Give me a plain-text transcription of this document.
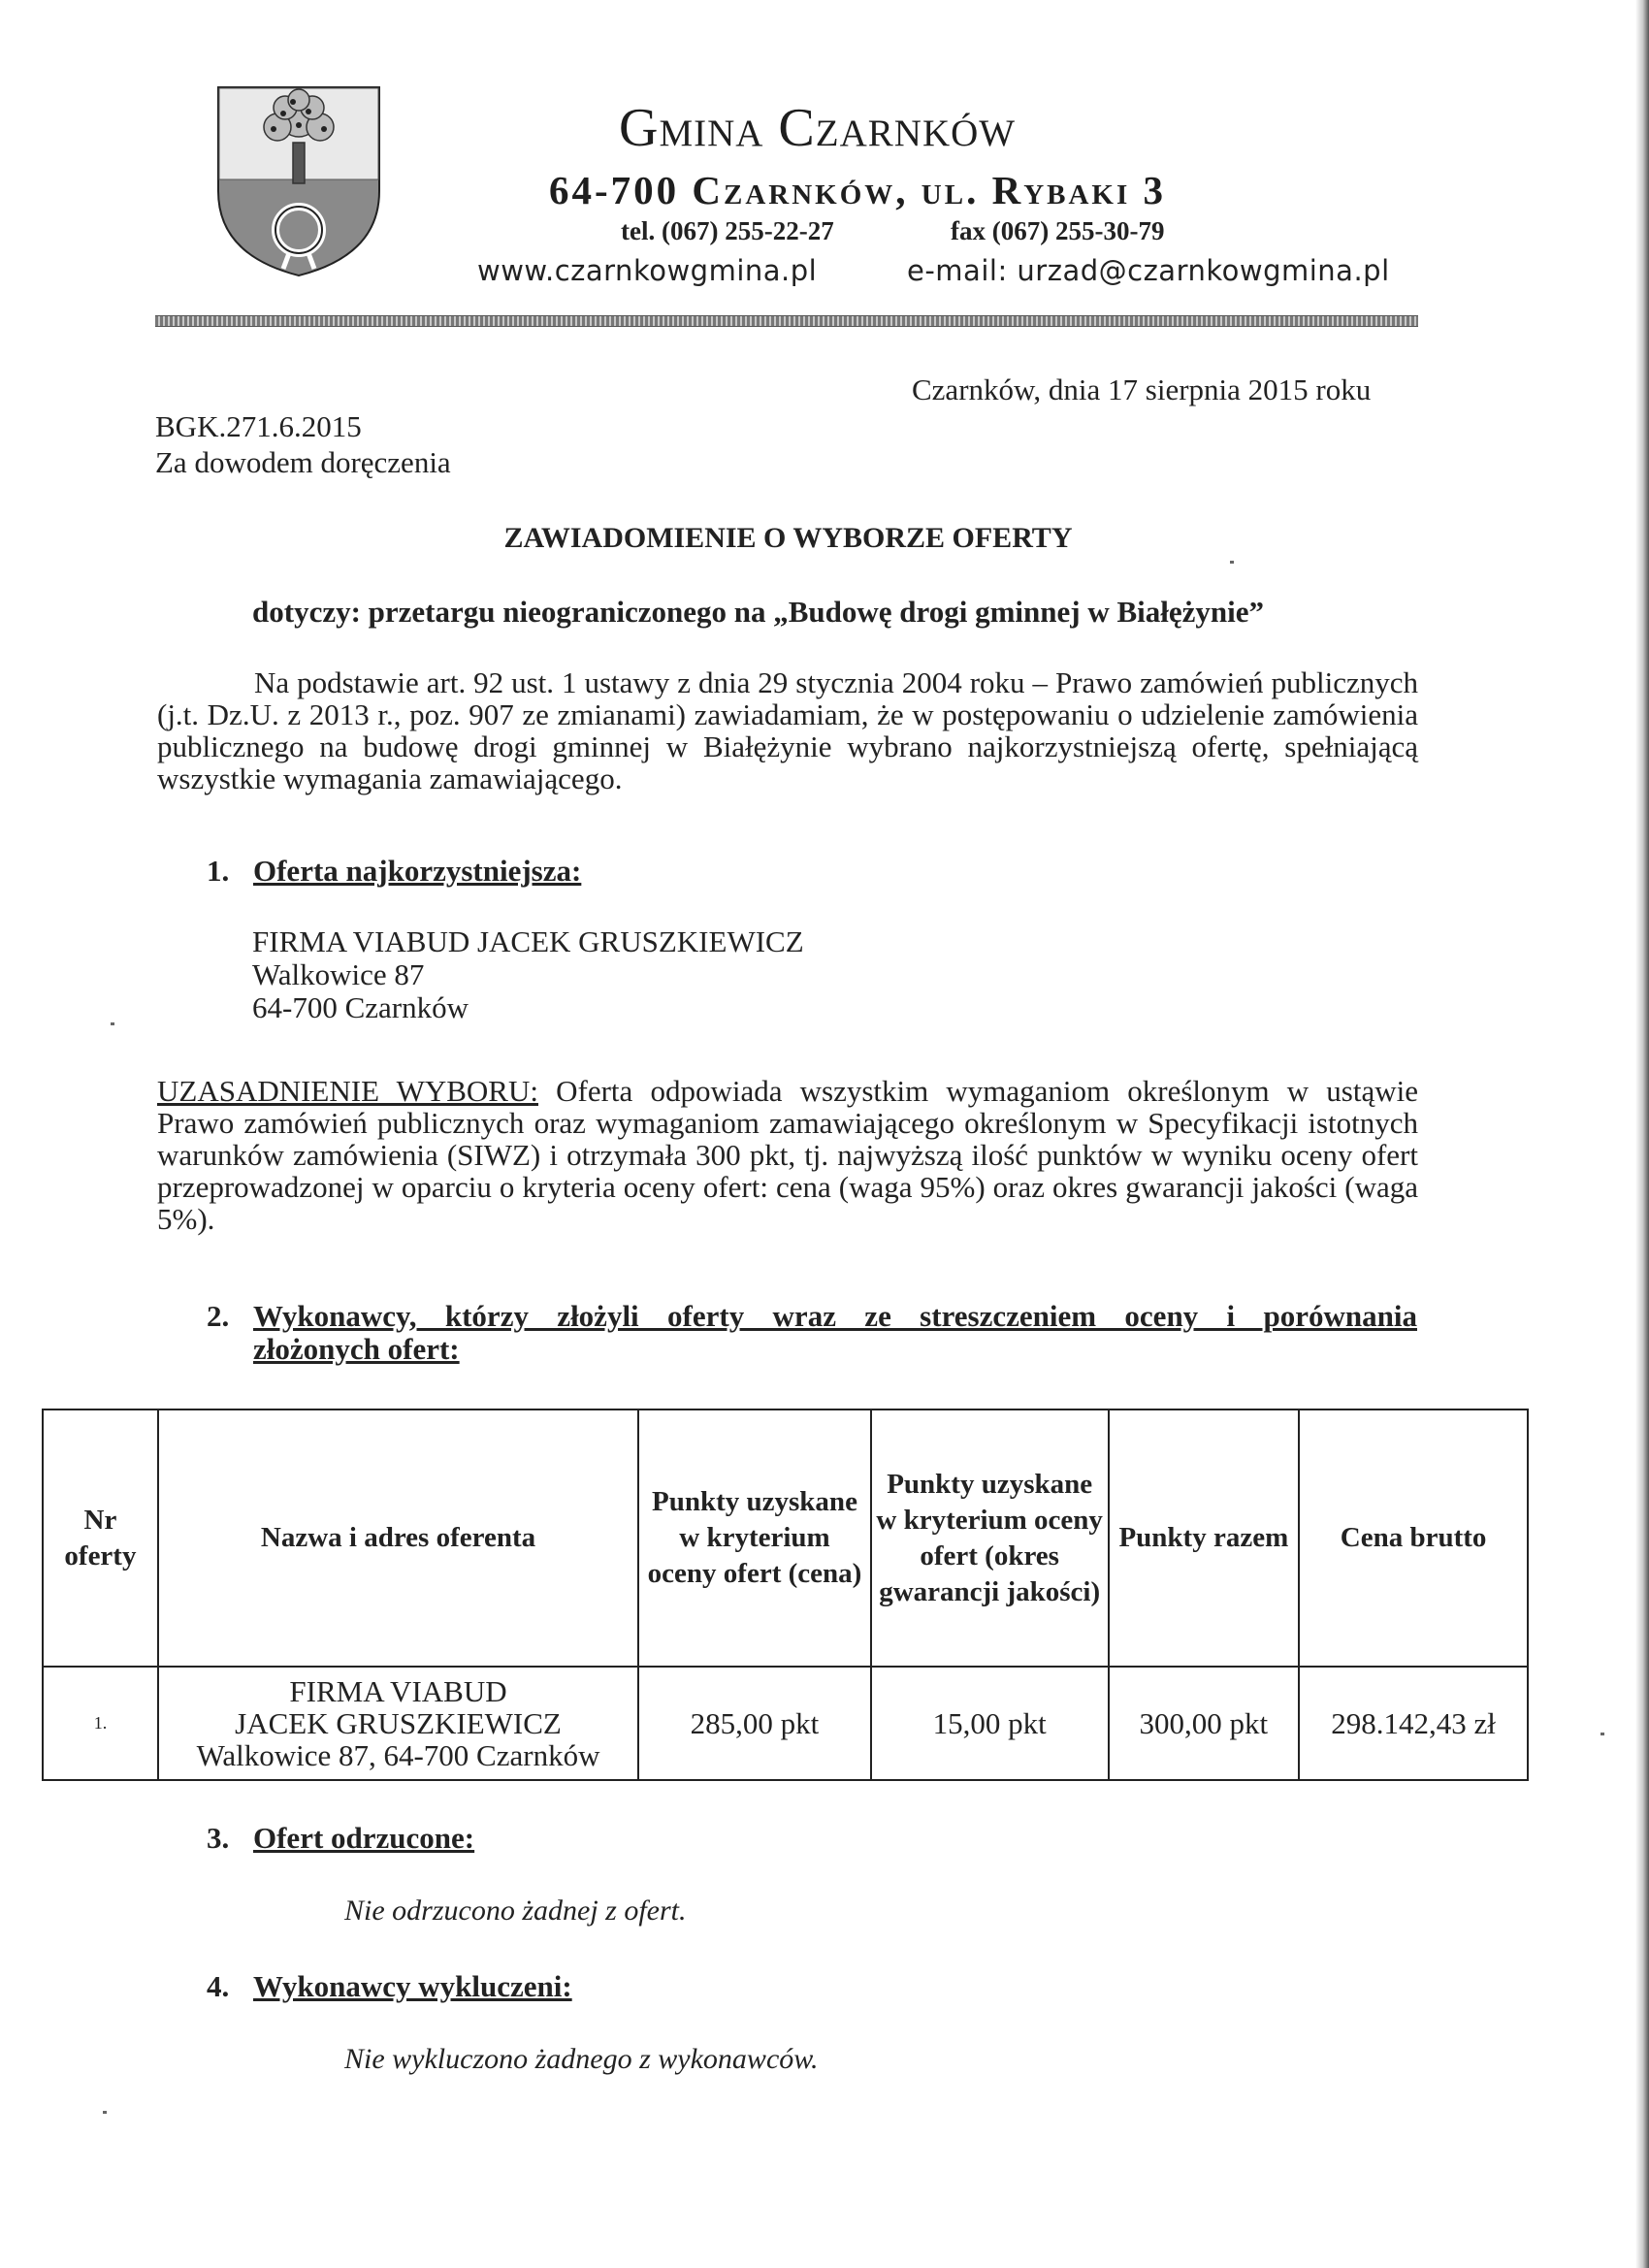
Gmina Czarnków
64-700 Czarnków, ul. Rybaki 3
tel. (067) 255-22-27	fax (067) 255-30-79
www.czarnkowgmina.pl	e-mail: urzad@czarnkowgmina.pl
Czarnków, dnia 17 sierpnia 2015 roku
BGK.271.6.2015
Za dowodem doręczenia
ZAWIADOMIENIE O WYBORZE OFERTY
dotyczy: przetargu nieograniczonego na „Budowę drogi gminnej w Białężynie”
Na podstawie art. 92 ust. 1 ustawy z dnia 29 stycznia 2004 roku – Prawo zamówień publicznych (j.t. Dz.U. z 2013 r., poz. 907 ze zmianami) zawiadamiam, że w postępowaniu o udzielenie zamówienia publicznego na budowę drogi gminnej w Białężynie wybrano najkorzystniejszą ofertę, spełniającą wszystkie wymagania zamawiającego.
1. Oferta najkorzystniejsza:
FIRMA VIABUD JACEK GRUSZKIEWICZ
Walkowice 87
64-700 Czarnków
UZASADNIENIE WYBORU: Oferta odpowiada wszystkim wymaganiom określonym w ustąwie Prawo zamówień publicznych oraz wymaganiom zamawiającego określonym w Specyfikacji istotnych warunków zamówienia (SIWZ) i otrzymała 300 pkt, tj. najwyższą ilość punktów w wyniku oceny ofert przeprowadzonej w oparciu o kryteria oceny ofert: cena (waga 95%) oraz okres gwarancji jakości (waga 5%).
2. Wykonawcy, którzy złożyli oferty wraz ze streszczeniem oceny i porównania
złożonych ofert:
Nr oferty	Nazwa i adres oferenta	Punkty uzyskane w kryterium oceny ofert (cena)	Punkty uzyskane w kryterium oceny ofert (okres gwarancji jakości)	Punkty razem	Cena brutto
1.	FIRMA VIABUD
JACEK GRUSZKIEWICZ
Walkowice 87, 64-700 Czarnków	285,00 pkt	15,00 pkt	300,00 pkt	298.142,43 zł
3. Ofert odrzucone:
Nie odrzucono żadnej z ofert.
4. Wykonawcy wykluczeni:
Nie wykluczono żadnego z wykonawców.
